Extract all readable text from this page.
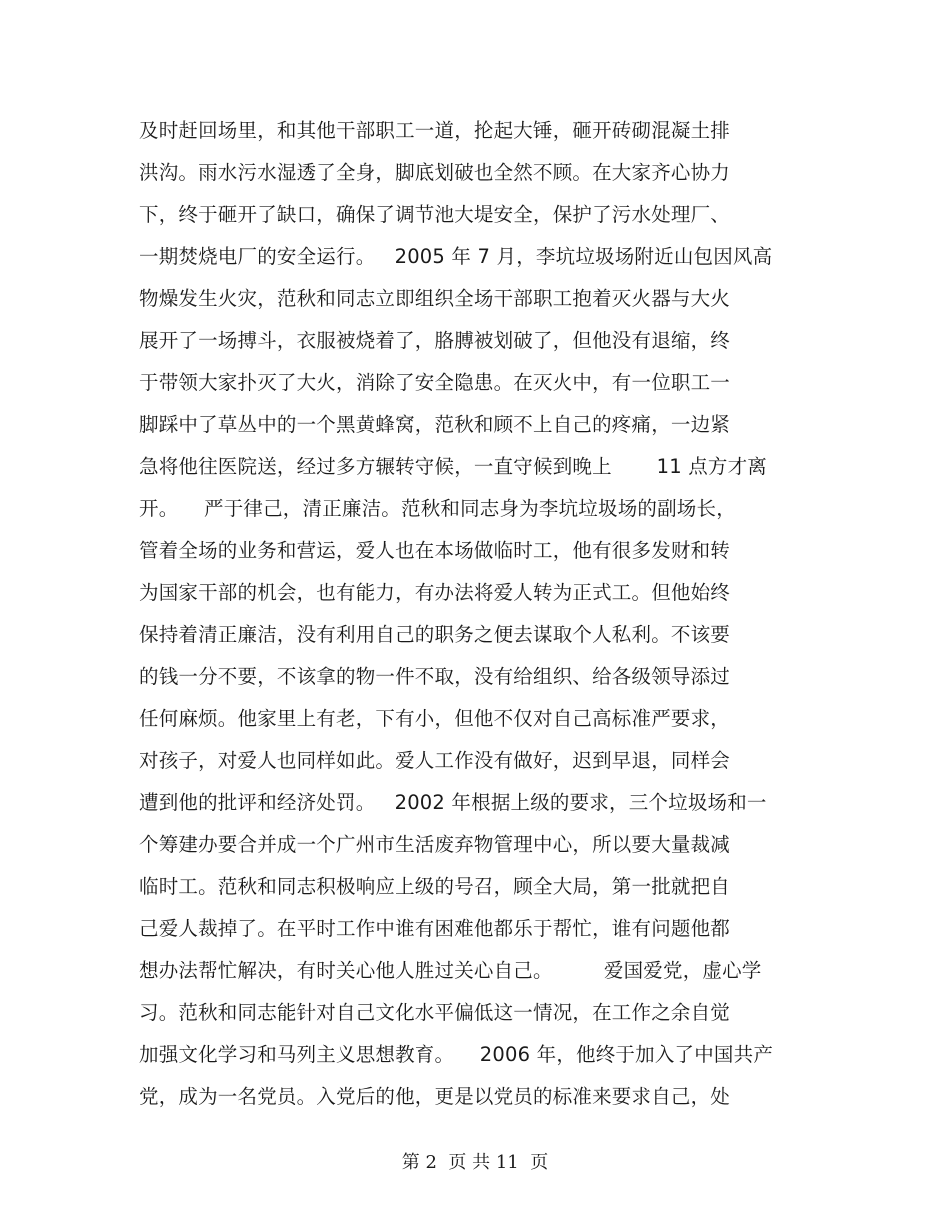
及时赶回场里，和其他干部职工一道，抡起大锤，砸开砖砌混凝土排
洪沟。雨水污水湿透了全身，脚底划破也全然不顾。在大家齐心协力
下，终于砸开了缺口，确保了调节池大堤安全，保护了污水处理厂、
一期焚烧电厂的安全运行。   2005 年 7 月，李坑垃圾场附近山包因风高
物燥发生火灾，范秋和同志立即组织全场干部职工抱着灭火器与大火
展开了一场搏斗，衣服被烧着了，胳膊被划破了，但他没有退缩，终
于带领大家扑灭了大火，消除了安全隐患。在灭火中，有一位职工一
脚踩中了草丛中的一个黑黄蜂窝，范秋和顾不上自己的疼痛，一边紧
急将他往医院送，经过多方辗转守候，一直守候到晚上       11 点方才离
开。    严于律己，清正廉洁。范秋和同志身为李坑垃圾场的副场长，
管着全场的业务和营运，爱人也在本场做临时工，他有很多发财和转
为国家干部的机会，也有能力，有办法将爱人转为正式工。但他始终
保持着清正廉洁，没有利用自己的职务之便去谋取个人私利。不该要
的钱一分不要，不该拿的物一件不取，没有给组织、给各级领导添过
任何麻烦。他家里上有老，下有小，但他不仅对自己高标准严要求，
对孩子，对爱人也同样如此。爱人工作没有做好，迟到早退，同样会
遭到他的批评和经济处罚。   2002 年根据上级的要求，三个垃圾场和一
个筹建办要合并成一个广州市生活废弃物管理中心，所以要大量裁减
临时工。范秋和同志积极响应上级的号召，顾全大局，第一批就把自
己爱人裁掉了。在平时工作中谁有困难他都乐于帮忙，谁有问题他都
想办法帮忙解决，有时关心他人胜过关心自己。        爱国爱党，虚心学
习。范秋和同志能针对自己文化水平偏低这一情况，在工作之余自觉
加强文化学习和马列主义思想教育。    2006 年，他终于加入了中国共产
党，成为一名党员。入党后的他，更是以党员的标准来要求自己，处
第 2  页 共 11  页
